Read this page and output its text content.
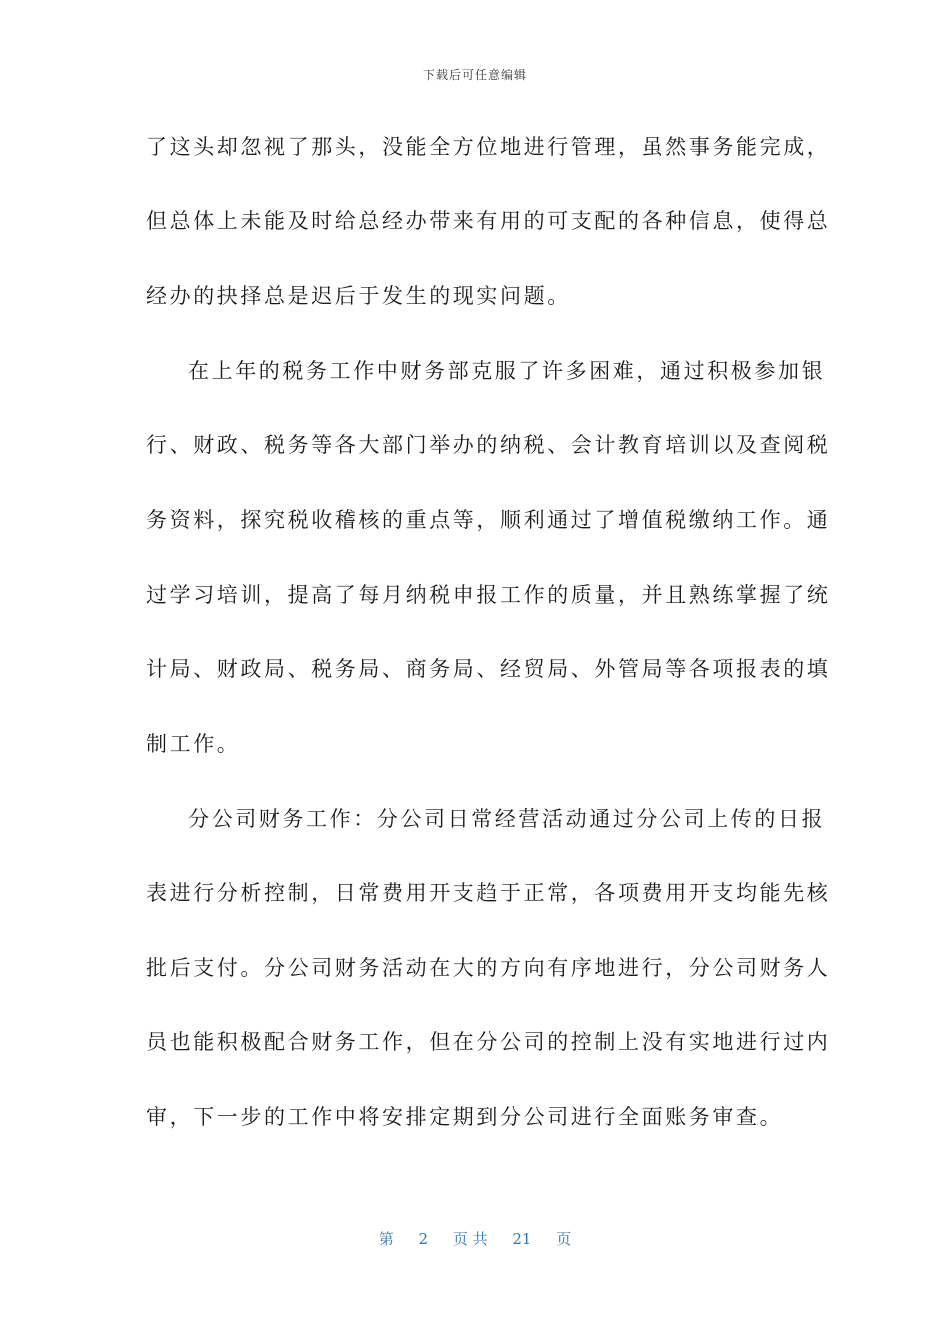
下载后可任意编辑
了这头却忽视了那头，没能全方位地进行管理，虽然事务能完成，
但总体上未能及时给总经办带来有用的可支配的各种信息，使得总
经办的抉择总是迟后于发生的现实问题。
在上年的税务工作中财务部克服了许多困难，通过积极参加银
行、财政、税务等各大部门举办的纳税、会计教育培训以及查阅税
务资料，探究税收稽核的重点等，顺利通过了增值税缴纳工作。通
过学习培训，提高了每月纳税申报工作的质量，并且熟练掌握了统
计局、财政局、税务局、商务局、经贸局、外管局等各项报表的填
制工作。
分公司财务工作：分公司日常经营活动通过分公司上传的日报
表进行分析控制，日常费用开支趋于正常，各项费用开支均能先核
批后支付。分公司财务活动在大的方向有序地进行，分公司财务人
员也能积极配合财务工作，但在分公司的控制上没有实地进行过内
审，下一步的工作中将安排定期到分公司进行全面账务审查。
第 2 页 共 21 页
